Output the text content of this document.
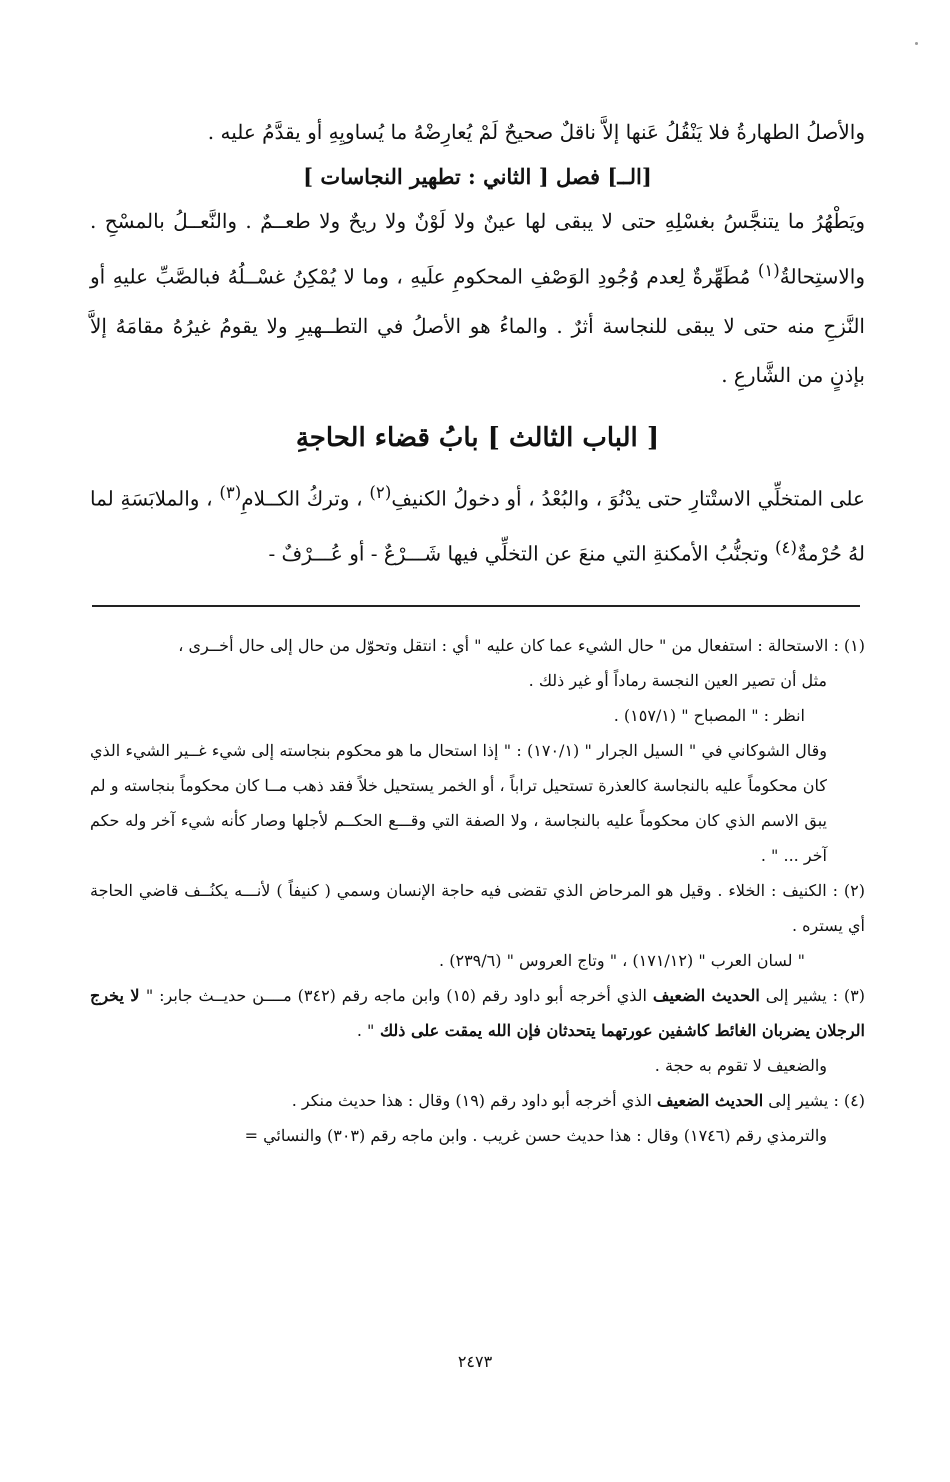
والأصلُ الطهارةُ فلا يَنْقُلُ عَنها إلاَّ ناقلٌ صحيحٌ لَمْ يُعارِضْهُ ما يُساويِهِ أو يقدَّمُ عليه .

[الــ] فصل [ الثاني : تطهير النجاسات ]

ويَطْهُرُ ما يتنجَّسُ بغسْلِهِ حتى لا يبقى لها عينٌ ولا لَوْنٌ ولا ريحٌ ولا طعــمٌ . والنَّعــلُ بالمسْحِ . والاستِحالةُ$^{(١)}$ مُطَهِّرةٌ لِعدم وُجُودِ الوَصْفِ المحكومِ علَيهِ ، وما لا يُمْكِنُ غسْــلُهُ فبالصَّبِّ عليهِ أو النَّزحِ منه حتى لا يبقى للنجاسة أثرٌ . والماءُ هو الأصلُ في التطــهيرِ ولا يقومُ غيرُهُ مقامَهُ إلاَّ بإذنٍ من الشَّارعِ .

[ الباب الثالث ] بابُ قضاء الحاجةِ

على المتخلِّي الاستْتارِ حتى يدْنُوَ ، والبُعْدُ ، أو دخولُ الكنيفِ$^{(٢)}$ ، وتركُ الكــلامِ$^{(٣)}$ ، والملابَسَةِ لما لهُ حُرْمةٌ$^{(٤)}$ وتجنُّبُ الأمكنةِ التي منعَ عن التخلِّي فيها شَـــرْعٌ - أو عُـــرْفٌ -

(١) : الاستحالة : استفعال من " حال الشيء عما كان عليه " أي : انتقل وتحوّل من حال إلى حال أخــرى ،

مثل أن تصير العين النجسة رماداً أو غير ذلك .

انظر : " المصباح " (١٥٧/١) .

وقال الشوكاني في " السيل الجرار " (١٧٠/١) : " إذا استحال ما هو محكوم بنجاسته إلى شيء غــير الشيء الذي كان محكوماً عليه بالنجاسة كالعذرة تستحيل تراباً ، أو الخمر يستحيل خلاً فقد ذهب مــا كان محكوماً بنجاسته و لم يبق الاسم الذي كان محكوماً عليه بالنجاسة ، ولا الصفة التي وقـــع الحكــم لأجلها وصار كأنه شيء آخر وله حكم آخر ... " .

(٢) : الكنيف : الخلاء . وقيل هو المرحاض الذي تقضى فيه حاجة الإنسان وسمي ( كنيفاً ) لأنـــه يكنُــف قاضي الحاجة أي يستره .

" لسان العرب " (١٧١/١٢) ، " وتاج العروس " (٢٣٩/٦) .

(٣) : يشير إلى الحديث الضعيف الذي أخرجه أبو داود رقم (١٥) وابن ماجه رقم (٣٤٢) مــــن حديــث جابر: " لا يخرج الرجلان يضربان الغائط كاشفين عورتهما يتحدثان فإن الله يمقت على ذلك " .

والضعيف لا تقوم به حجة .

(٤) : يشير إلى الحديث الضعيف الذي أخرجه أبو داود رقم (١٩) وقال : هذا حديث منكر .

والترمذي رقم (١٧٤٦) وقال : هذا حديث حسن غريب . وابن ماجه رقم (٣٠٣) والنسائي =

٢٤٧٣
